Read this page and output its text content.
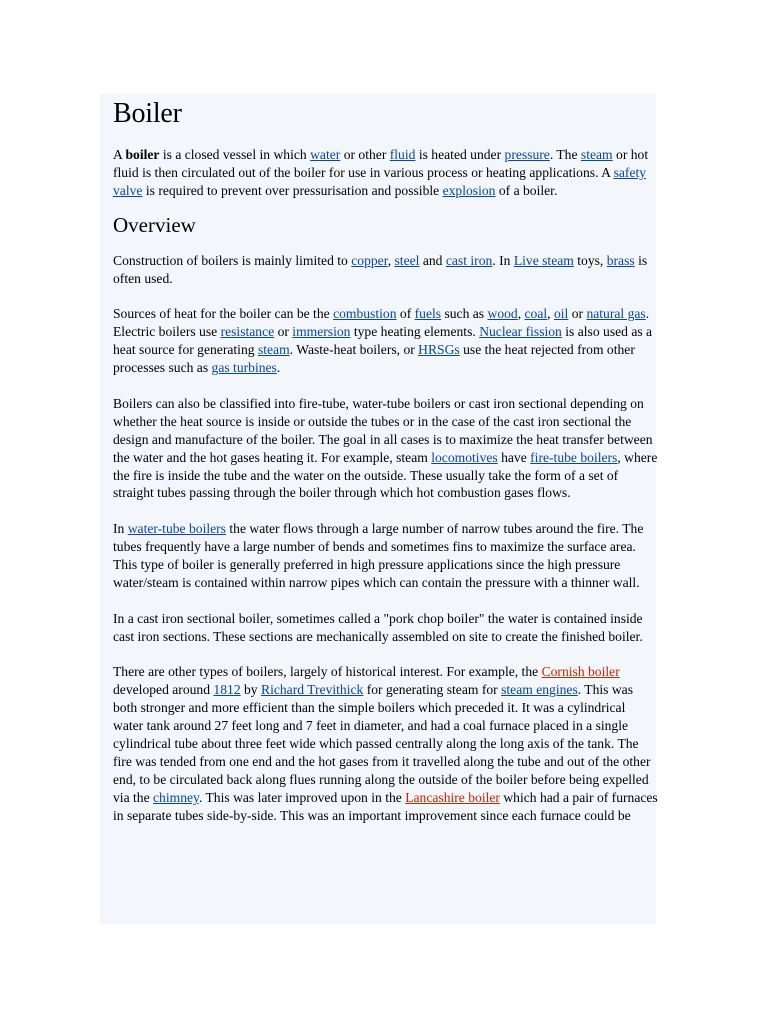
Boiler

A boiler is a closed vessel in which water or other fluid is heated under pressure. The steam or hot fluid is then circulated out of the boiler for use in various process or heating applications. A safety valve is required to prevent over pressurisation and possible explosion of a boiler.

Overview

Construction of boilers is mainly limited to copper, steel and cast iron. In Live steam toys, brass is often used.

Sources of heat for the boiler can be the combustion of fuels such as wood, coal, oil or natural gas. Electric boilers use resistance or immersion type heating elements. Nuclear fission is also used as a heat source for generating steam. Waste-heat boilers, or HRSGs use the heat rejected from other processes such as gas turbines.

Boilers can also be classified into fire-tube, water-tube boilers or cast iron sectional depending on whether the heat source is inside or outside the tubes or in the case of the cast iron sectional the design and manufacture of the boiler. The goal in all cases is to maximize the heat transfer between the water and the hot gases heating it. For example, steam locomotives have fire-tube boilers, where the fire is inside the tube and the water on the outside. These usually take the form of a set of straight tubes passing through the boiler through which hot combustion gases flows.

In water-tube boilers the water flows through a large number of narrow tubes around the fire. The tubes frequently have a large number of bends and sometimes fins to maximize the surface area. This type of boiler is generally preferred in high pressure applications since the high pressure water/steam is contained within narrow pipes which can contain the pressure with a thinner wall.

In a cast iron sectional boiler, sometimes called a "pork chop boiler" the water is contained inside cast iron sections. These sections are mechanically assembled on site to create the finished boiler.

There are other types of boilers, largely of historical interest. For example, the Cornish boiler developed around 1812 by Richard Trevithick for generating steam for steam engines. This was both stronger and more efficient than the simple boilers which preceded it. It was a cylindrical water tank around 27 feet long and 7 feet in diameter, and had a coal furnace placed in a single cylindrical tube about three feet wide which passed centrally along the long axis of the tank. The fire was tended from one end and the hot gases from it travelled along the tube and out of the other end, to be circulated back along flues running along the outside of the boiler before being expelled via the chimney. This was later improved upon in the Lancashire boiler which had a pair of furnaces in separate tubes side-by-side. This was an important improvement since each furnace could be
